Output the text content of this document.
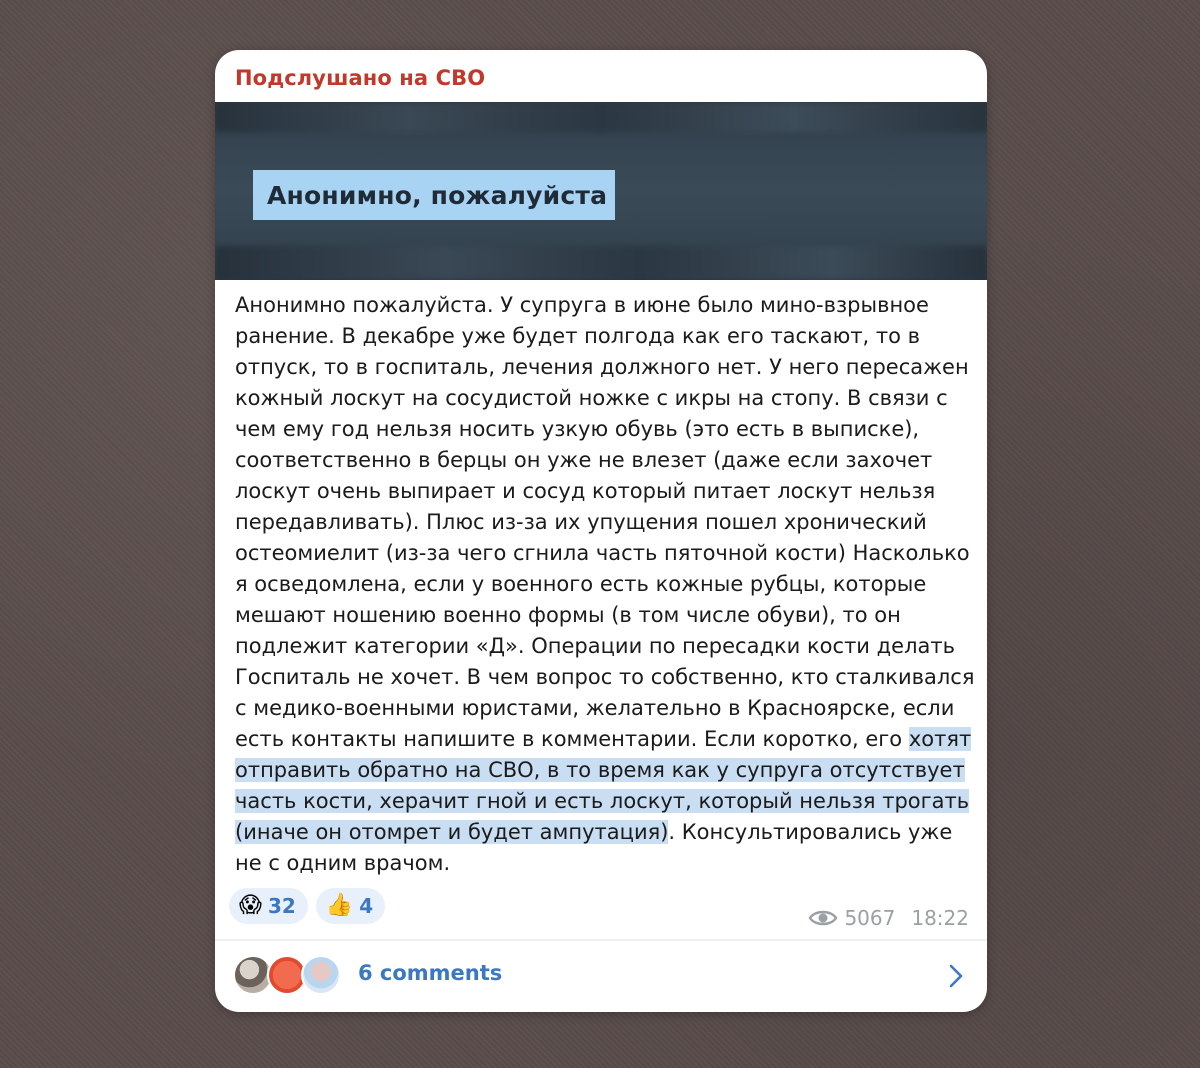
Подслушано на СВО
Анонимно, пожалуйста

Анонимно пожалуйста. У супруга в июне было мино-взрывное ранение. В декабре уже будет полгода как его таскают, то в отпуск, то в госпиталь, лечения должного нет. У него пересажен кожный лоскут на сосудистой ножке с икры на стопу. В связи с чем ему год нельзя носить узкую обувь (это есть в выписке), соответственно в берцы он уже не влезет (даже если захочет лоскут очень выпирает и сосуд который питает лоскут нельзя передавливать). Плюс из-за их упущения пошел хронический остеомиелит (из-за чего сгнила часть пяточной кости) Насколько я осведомлена, если у военного есть кожные рубцы, которые мешают ношению военно формы (в том числе обуви), то он подлежит категории «Д». Операции по пересадки кости делать Госпиталь не хочет. В чем вопрос то собственно, кто сталкивался с медико-военными юристами, желательно в Красноярске, если есть контакты напишите в комментарии. Если коротко, его хотят отправить обратно на СВО, в то время как у супруга отсутствует часть кости, херачит гной и есть лоскут, который нельзя трогать (иначе он отомрет и будет ампутация). Консультировались уже не с одним врачом.

😱 32 👍 4	5067 18:22
6 comments
